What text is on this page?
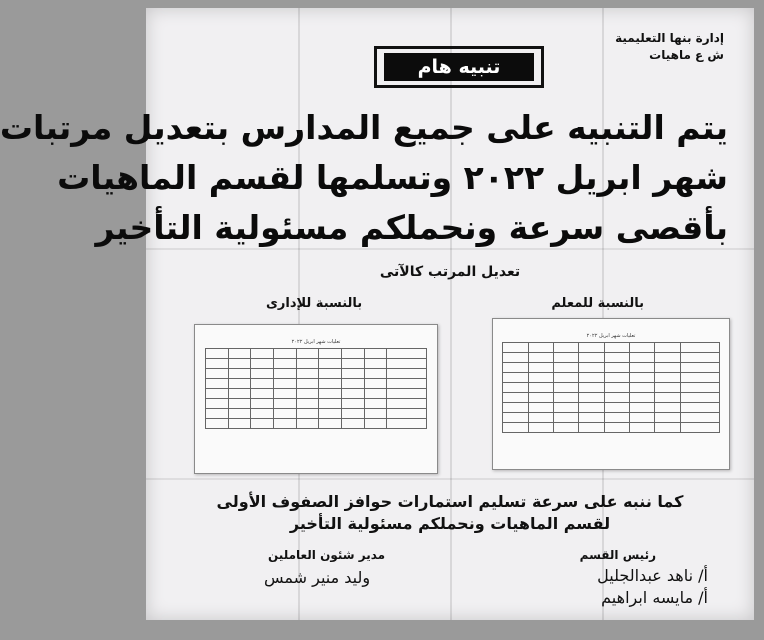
إدارة بنها التعليمية
ش ع ماهيات
تنبيه هام
يتم التنبيه على جميع المدارس بتعديل مرتبات
شهر ابريل ٢٠٢٢ وتسلمها لقسم الماهيات
بأقصى سرعة ونحملكم مسئولية التأخير
تعديل المرتب كالآتى
بالنسبة للمعلم
بالنسبة للإدارى
تعليات شهر ابريل ٢٠٢٢

تعليات شهر ابريل ٢٠٢٢

كما ننبه على سرعة تسليم استمارات حوافز الصفوف الأولى
لقسم الماهيات ونحملكم مسئولية التأخير
رئيس القسم
أ/ ناهد عبدالجليل
أ/ مايسه ابراهيم
مدير شئون العاملين
وليد منير شمس
